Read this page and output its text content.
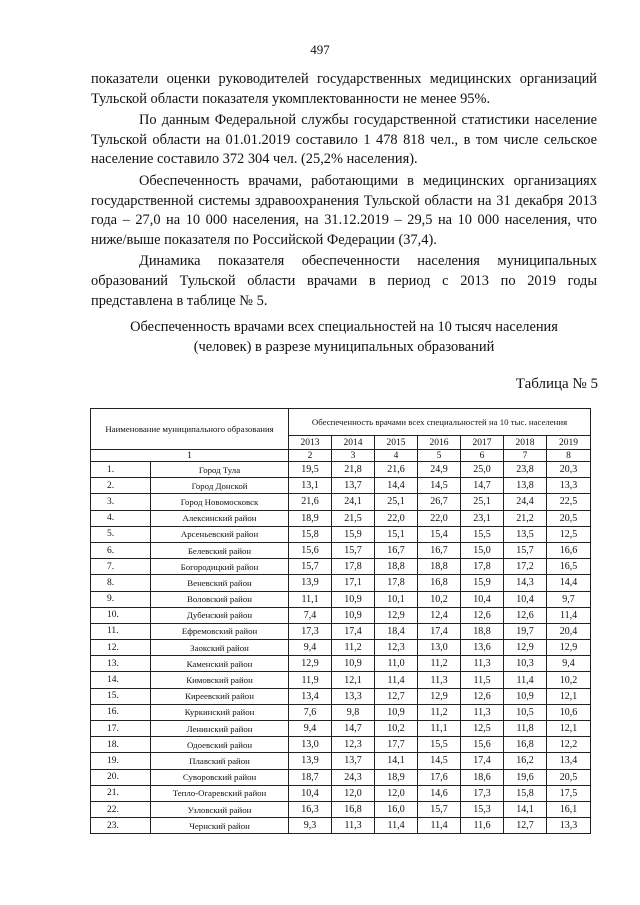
497

показатели оценки руководителей государственных медицинских организаций Тульской области показателя укомплектованности не менее 95%.

По данным Федеральной службы государственной статистики население Тульской области на 01.01.2019 составило 1 478 818 чел., в том числе сельское население составило 372 304 чел. (25,2% населения).

Обеспеченность врачами, работающими в медицинских организациях государственной системы здравоохранения Тульской области на 31 декабря 2013 года – 27,0 на 10 000 населения, на 31.12.2019 – 29,5 на 10 000 населения, что ниже/выше показателя по Российской Федерации (37,4).

Динамика показателя обеспеченности населения муниципальных образований Тульской области врачами в период с 2013 по 2019 годы представлена в таблице № 5.

Обеспеченность врачами всех специальностей на 10 тысяч населения
(человек) в разрезе муниципальных образований
Таблица № 5
Наименование муниципального образования		Обеспеченность врачами всех специальностей на 10 тыс. населения						
		2013	2014	2015	2016	2017	2018	2019
1		2	3	4	5	6	7	8
1.	Город Тула	19,5	21,8	21,6	24,9	25,0	23,8	20,3
2.	Город Донской	13,1	13,7	14,4	14,5	14,7	13,8	13,3
3.	Город Новомосковск	21,6	24,1	25,1	26,7	25,1	24,4	22,5
4.	Алексинский район	18,9	21,5	22,0	22,0	23,1	21,2	20,5
5.	Арсеньевский район	15,8	15,9	15,1	15,4	15,5	13,5	12,5
6.	Белевский район	15,6	15,7	16,7	16,7	15,0	15,7	16,6
7.	Богородицкий район	15,7	17,8	18,8	18,8	17,8	17,2	16,5
8.	Веневский район	13,9	17,1	17,8	16,8	15,9	14,3	14,4
9.	Воловский район	11,1	10,9	10,1	10,2	10,4	10,4	9,7
10.	Дубенский район	7,4	10,9	12,9	12,4	12,6	12,6	11,4
11.	Ефремовский район	17,3	17,4	18,4	17,4	18,8	19,7	20,4
12.	Заокский район	9,4	11,2	12,3	13,0	13,6	12,9	12,9
13.	Каменский район	12,9	10,9	11,0	11,2	11,3	10,3	9,4
14.	Кимовский район	11,9	12,1	11,4	11,3	11,5	11,4	10,2
15.	Киреевский район	13,4	13,3	12,7	12,9	12,6	10,9	12,1
16.	Куркинский район	7,6	9,8	10,9	11,2	11,3	10,5	10,6
17.	Ленинский район	9,4	14,7	10,2	11,1	12,5	11,8	12,1
18.	Одоевский район	13,0	12,3	17,7	15,5	15,6	16,8	12,2
19.	Плавский район	13,9	13,7	14,1	14,5	17,4	16,2	13,4
20.	Суворовский район	18,7	24,3	18,9	17,6	18,6	19,6	20,5
21.	Тепло-Огаревский район	10,4	12,0	12,0	14,6	17,3	15,8	17,5
22.	Узловский район	16,3	16,8	16,0	15,7	15,3	14,1	16,1
23.	Чернский район	9,3	11,3	11,4	11,4	11,6	12,7	13,3
